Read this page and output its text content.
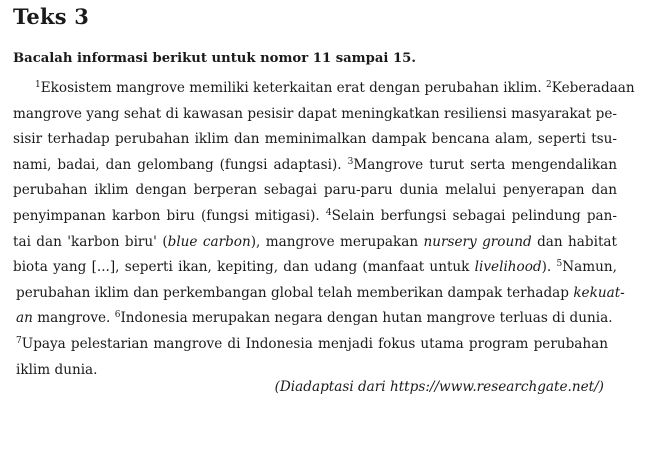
Teks 3

Bacalah informasi berikut untuk nomor 11 sampai 15.

$^1$Ekosistem mangrove memiliki keterkaitan erat dengan perubahan iklim. $^2$Keberadaan
mangrove yang sehat di kawasan pesisir dapat meningkatkan resiliensi masyarakat pe-
sisir terhadap perubahan iklim dan meminimalkan dampak bencana alam, seperti tsu-
nami, badai, dan gelombang (fungsi adaptasi). $^3$Mangrove turut serta mengendalikan
perubahan iklim dengan berperan sebagai paru-paru dunia melalui penyerapan dan
penyimpanan karbon biru (fungsi mitigasi). $^4$Selain berfungsi sebagai pelindung pan-
tai dan 'karbon biru' (blue carbon), mangrove merupakan nursery ground dan habitat
biota yang [...], seperti ikan, kepiting, dan udang (manfaat untuk livelihood). $^5$Namun,
perubahan iklim dan perkembangan global telah memberikan dampak terhadap kekuat-
an mangrove. $^6$Indonesia merupakan negara dengan hutan mangrove terluas di dunia.
$^7$Upaya pelestarian mangrove di Indonesia menjadi fokus utama program perubahan
iklim dunia.
(Diadaptasi dari https://www.researchgate.net/)
